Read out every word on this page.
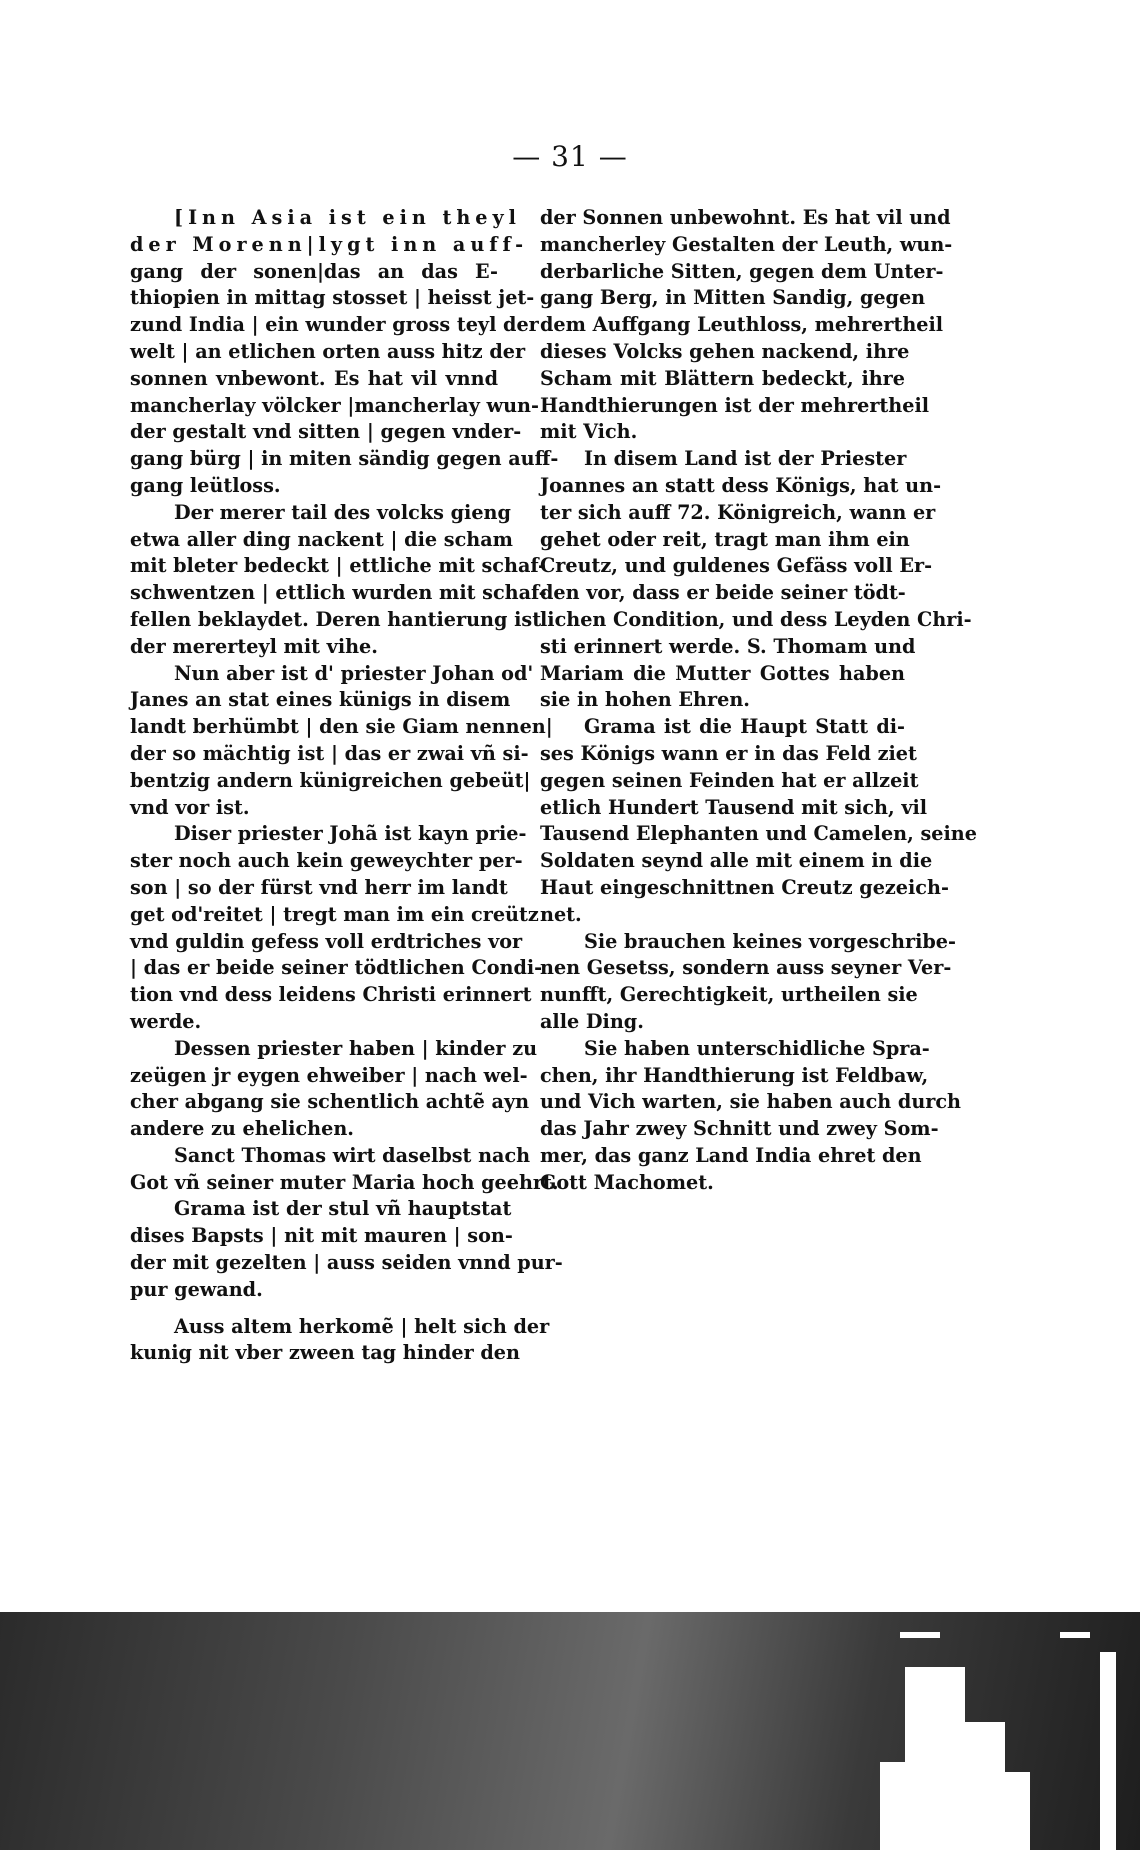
— 31 —
[Inn Asia ist ein theyl
der Morenn|lygt inn auff-
gang der sonen|das an das E-
thiopien in mittag stosset | heisst jet-
zund India | ein wunder gross teyl der
welt | an etlichen orten auss hitz der
sonnen vnbewont. Es hat vil vnnd
mancherlay völcker |mancherlay wun-
der gestalt vnd sitten | gegen vnder-
gang bürg | in miten sändig gegen auff-
gang leütloss.
Der merer tail des volcks gieng
etwa aller ding nackent | die scham
mit bleter bedeckt | ettliche mit schaf-
schwentzen | ettlich wurden mit schaf-
fellen beklaydet. Deren hantierung ist
der mererteyl mit vihe.
Nun aber ist d' priester Johan od'
Janes an stat eines künigs in disem
landt berhümbt | den sie Giam nennen|
der so mächtig ist | das er zwai vñ si-
bentzig andern künigreichen gebeüt|
vnd vor ist.
Diser priester Johã ist kayn prie-
ster noch auch kein geweychter per-
son | so der fürst vnd herr im landt
get od'reitet | tregt man im ein creütz
vnd guldin gefess voll erdtriches vor
| das er beide seiner tödtlichen Condi-
tion vnd dess leidens Christi erinnert
werde.
Dessen priester haben | kinder zu
zeügen jr eygen ehweiber | nach wel-
cher abgang sie schentlich achtẽ ayn
andere zu ehelichen.
Sanct Thomas wirt daselbst nach
Got vñ seiner muter Maria hoch geehrt.
Grama ist der stul vñ hauptstat
dises Bapsts | nit mit mauren | son-
der mit gezelten | auss seiden vnnd pur-
pur gewand.
Auss altem herkomẽ | helt sich der
kunig nit vber zween tag hinder den
der Sonnen unbewohnt. Es hat vil und
mancherley Gestalten der Leuth, wun-
derbarliche Sitten, gegen dem Unter-
gang Berg, in Mitten Sandig, gegen
dem Auffgang Leuthloss, mehrertheil
dieses Volcks gehen nackend, ihre
Scham mit Blättern bedeckt, ihre
Handthierungen ist der mehrertheil
mit Vich.
In disem Land ist der Priester
Joannes an statt dess Königs, hat un-
ter sich auff 72. Königreich, wann er
gehet oder reit, tragt man ihm ein
Creutz, und guldenes Gefäss voll Er-
den vor, dass er beide seiner tödt-
lichen Condition, und dess Leyden Chri-
sti erinnert werde. S. Thomam und
Mariam die Mutter Gottes haben
sie in hohen Ehren.
Grama ist die Haupt Statt di-
ses Königs wann er in das Feld ziet
gegen seinen Feinden hat er allzeit
etlich Hundert Tausend mit sich, vil
Tausend Elephanten und Camelen, seine
Soldaten seynd alle mit einem in die
Haut eingeschnittnen Creutz gezeich-
net.
Sie brauchen keines vorgeschribe-
nen Gesetss, sondern auss seyner Ver-
nunfft, Gerechtigkeit, urtheilen sie
alle Ding.
Sie haben unterschidliche Spra-
chen, ihr Handthierung ist Feldbaw,
und Vich warten, sie haben auch durch
das Jahr zwey Schnitt und zwey Som-
mer, das ganz Land India ehret den
Gott Machomet.
